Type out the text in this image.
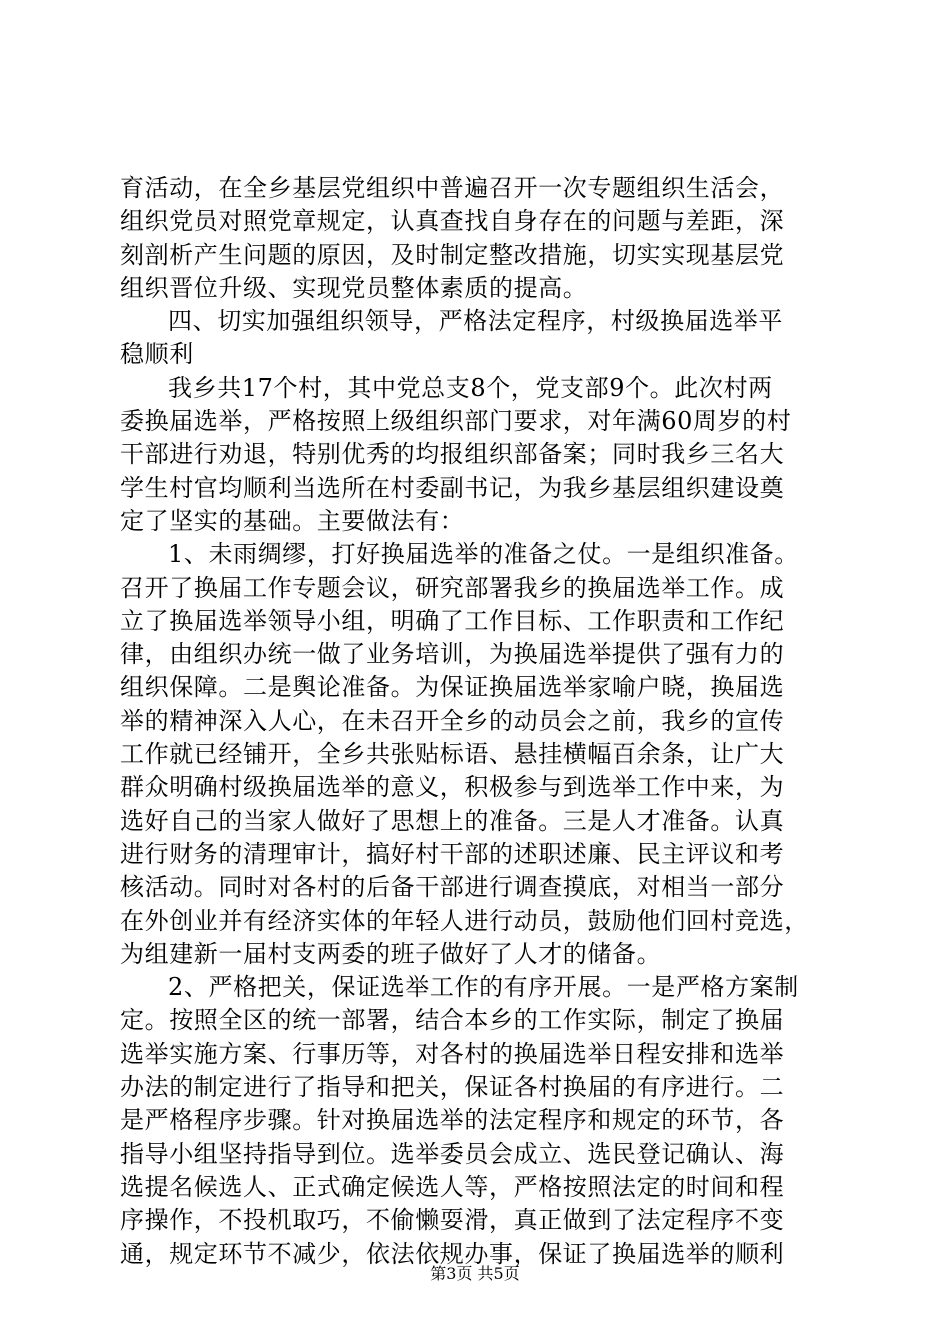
育活动，在全乡基层党组织中普遍召开一次专题组织生活会，
组织党员对照党章规定，认真查找自身存在的问题与差距，深
刻剖析产生问题的原因，及时制定整改措施，切实实现基层党
组织晋位升级、实现党员整体素质的提高。
四、切实加强组织领导，严格法定程序，村级换届选举平
稳顺利
我乡共17个村，其中党总支8个，党支部9个。此次村两
委换届选举，严格按照上级组织部门要求，对年满60周岁的村
干部进行劝退，特别优秀的均报组织部备案；同时我乡三名大
学生村官均顺利当选所在村委副书记，为我乡基层组织建设奠
定了坚实的基础。主要做法有：
1、未雨绸缪，打好换届选举的准备之仗。一是组织准备。
召开了换届工作专题会议，研究部署我乡的换届选举工作。成
立了换届选举领导小组，明确了工作目标、工作职责和工作纪
律，由组织办统一做了业务培训，为换届选举提供了强有力的
组织保障。二是舆论准备。为保证换届选举家喻户晓，换届选
举的精神深入人心，在未召开全乡的动员会之前，我乡的宣传
工作就已经铺开，全乡共张贴标语、悬挂横幅百余条，让广大
群众明确村级换届选举的意义，积极参与到选举工作中来，为
选好自己的当家人做好了思想上的准备。三是人才准备。认真
进行财务的清理审计，搞好村干部的述职述廉、民主评议和考
核活动。同时对各村的后备干部进行调查摸底，对相当一部分
在外创业并有经济实体的年轻人进行动员，鼓励他们回村竞选，
为组建新一届村支两委的班子做好了人才的储备。
2、严格把关，保证选举工作的有序开展。一是严格方案制
定。按照全区的统一部署，结合本乡的工作实际，制定了换届
选举实施方案、行事历等，对各村的换届选举日程安排和选举
办法的制定进行了指导和把关，保证各村换届的有序进行。二
是严格程序步骤。针对换届选举的法定程序和规定的环节，各
指导小组坚持指导到位。选举委员会成立、选民登记确认、海
选提名候选人、正式确定候选人等，严格按照法定的时间和程
序操作，不投机取巧，不偷懒耍滑，真正做到了法定程序不变
通，规定环节不减少，依法依规办事，保证了换届选举的顺利
第3页 共5页
